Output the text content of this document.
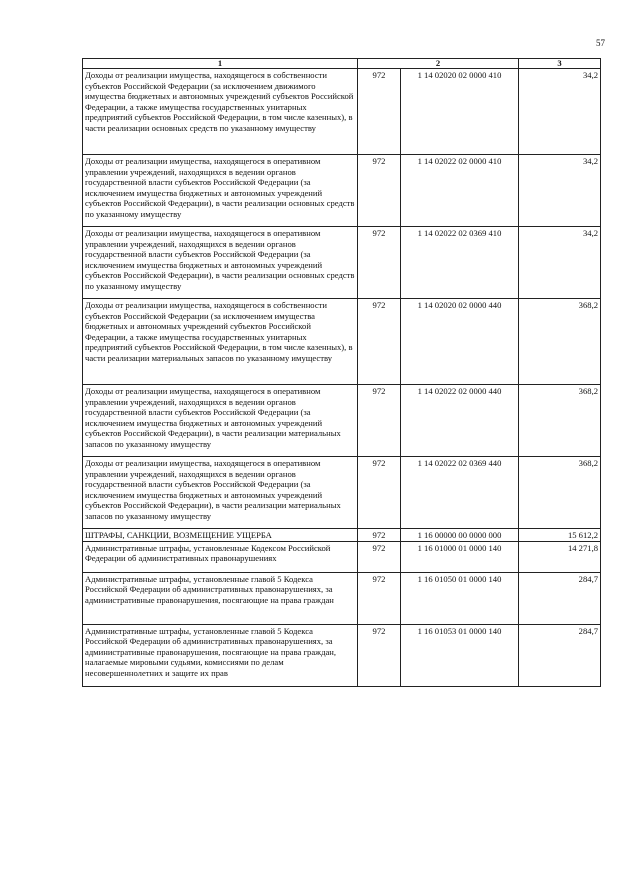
57
1	2		3
Доходы от реализации имущества, находящегося в собственности субъектов Российской Федерации (за исключением движимого имущества бюджетных и автономных учреждений субъектов Российской Федерации, а также имущества государственных унитарных предприятий субъектов Российской Федерации, в том числе казенных), в части реализации основных средств по указанному имуществу	972	1 14 02020 02 0000 410	34,2
Доходы от реализации имущества, находящегося в оперативном управлении учреждений, находящихся в ведении органов государственной власти субъектов Российской Федерации (за исключением имущества бюджетных и автономных учреждений субъектов Российской Федерации), в части реализации основных средств по указанному имуществу	972	1 14 02022 02 0000 410	34,2
Доходы от реализации имущества, находящегося в оперативном управлении учреждений, находящихся в ведении органов государственной власти субъектов Российской Федерации (за исключением имущества бюджетных и автономных учреждений субъектов Российской Федерации), в части реализации основных средств по указанному имуществу	972	1 14 02022 02 0369 410	34,2
Доходы от реализации имущества, находящегося в собственности субъектов Российской Федерации (за исключением имущества бюджетных и автономных учреждений субъектов Российской Федерации, а также имущества государственных унитарных предприятий субъектов Российской Федерации, в том числе казенных), в части реализации материальных запасов по указанному имуществу	972	1 14 02020 02 0000 440	368,2
Доходы от реализации имущества, находящегося в оперативном управлении учреждений, находящихся в ведении органов государственной власти субъектов Российской Федерации (за исключением имущества бюджетных и автономных учреждений субъектов Российской Федерации), в части реализации материальных запасов по указанному имуществу	972	1 14 02022 02 0000 440	368,2
Доходы от реализации имущества, находящегося в оперативном управлении учреждений, находящихся в ведении органов государственной власти субъектов Российской Федерации (за исключением имущества бюджетных и автономных учреждений субъектов Российской Федерации), в части реализации материальных запасов по указанному имуществу	972	1 14 02022 02 0369 440	368,2
ШТРАФЫ, САНКЦИИ, ВОЗМЕЩЕНИЕ УЩЕРБА	972	1 16 00000 00 0000 000	15 612,2
Административные штрафы, установленные Кодексом Российской Федерации об административных правонарушениях	972	1 16 01000 01 0000 140	14 271,8
Административные штрафы, установленные главой 5 Кодекса Российской Федерации об административных правонарушениях, за административные правонарушения, посягающие на права граждан	972	1 16 01050 01 0000 140	284,7
Административные штрафы, установленные главой 5 Кодекса Российской Федерации об административных правонарушениях, за административные правонарушения, посягающие на права граждан, налагаемые мировыми судьями, комиссиями по делам несовершеннолетних и защите их прав	972	1 16 01053 01 0000 140	284,7
